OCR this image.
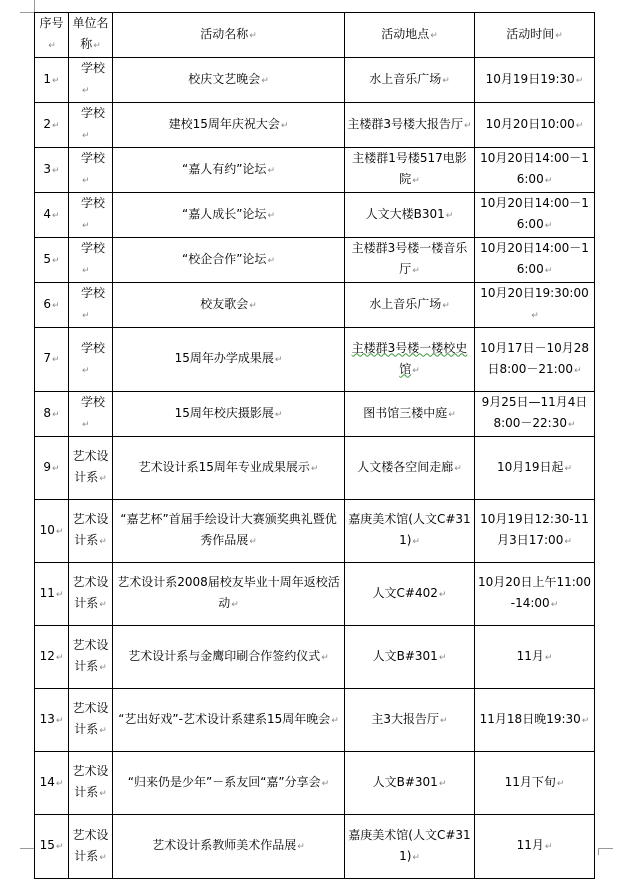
序号↵	单位名称↵	活动名称↵	活动地点↵	活动时间↵
1↵	学校↵	校庆文艺晚会↵	水上音乐广场↵	10月19日19:30↵
2↵	学校↵	建校15周年庆祝大会↵	主楼群3号楼大报告厅↵	10月20日10:00↵
3↵	学校↵	“嘉人有约”论坛↵	主楼群1号楼517电影院↵	10月20日14:00－16:00↵
4↵	学校↵	“嘉人成长”论坛↵	人文大楼B301↵	10月20日14:00－16:00↵
5↵	学校↵	“校企合作”论坛↵	主楼群3号楼一楼音乐厅↵	10月20日14:00－16:00↵
6↵	学校↵	校友歌会↵	水上音乐广场↵	10月20日19:30:00↵
7↵	学校↵	15周年办学成果展↵	主楼群3号楼一楼校史馆↵	10月17日－10月28日8:00－21:00↵
8↵	学校↵	15周年校庆摄影展↵	图书馆三楼中庭↵	9月25日—11月4日8:00－22:30↵
9↵	艺术设计系↵	艺术设计系15周年专业成果展示↵	人文楼各空间走廊↵	10月19日起↵
10↵	艺术设计系↵	“嘉艺杯”首届手绘设计大赛颁奖典礼暨优秀作品展↵	嘉庚美术馆(人文C#311)↵	10月19日12:30-11月3日17:00↵
11↵	艺术设计系↵	艺术设计系2008届校友毕业十周年返校活动↵	人文C#402↵	10月20日上午11:00-14:00↵
12↵	艺术设计系↵	艺术设计系与金鹰印刷合作签约仪式↵	人文B#301↵	11月↵
13↵	艺术设计系↵	“艺出好戏”-艺术设计系建系15周年晚会↵	主3大报告厅↵	11月18日晚19:30↵
14↵	艺术设计系↵	“归来仍是少年”－系友回“嘉”分享会↵	人文B#301↵	11月下旬↵
15↵	艺术设计系↵	艺术设计系教师美术作品展↵	嘉庚美术馆(人文C#311)↵	11月↵
